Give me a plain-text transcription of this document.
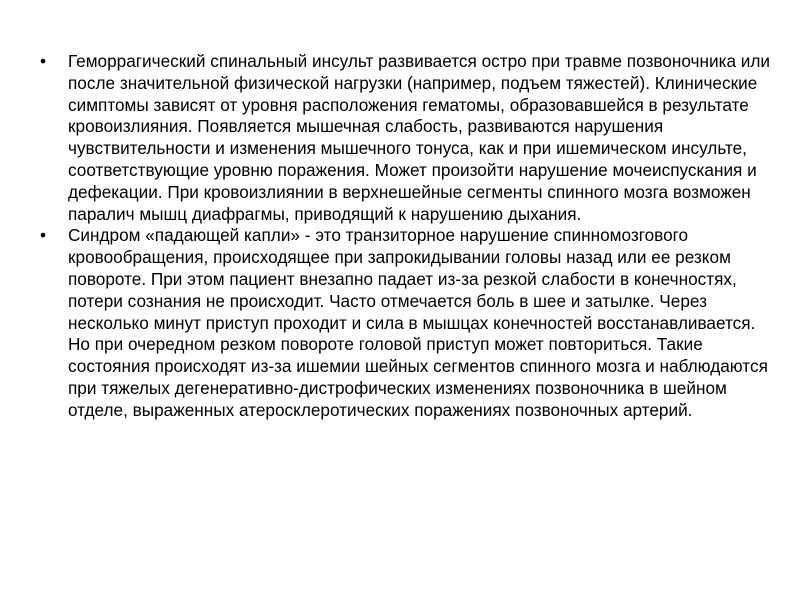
• Геморрагический спинальный инсульт развивается остро при травме позвоночника или после значительной физической нагрузки (например, подъем тяжестей). Клинические симптомы зависят от уровня расположения гематомы, образовавшейся в результате кровоизлияния. Появляется мышечная слабость, развиваются нарушения чувствительности и изменения мышечного тонуса, как и при ишемическом инсульте, соответствующие уровню поражения. Может произойти нарушение мочеиспускания и дефекации. При кровоизлиянии в верхнешейные сегменты спинного мозга возможен паралич мышц диафрагмы, приводящий к нарушению дыхания.
• Синдром «падающей капли» - это транзиторное нарушение спинномозгового кровообращения, происходящее при запрокидывании головы назад или ее резком повороте. При этом пациент внезапно падает из-за резкой слабости в конечностях, потери сознания не происходит. Часто отмечается боль в шее и затылке. Через несколько минут приступ проходит и сила в мышцах конечностей восстанавливается. Но при очередном резком повороте головой приступ может повториться. Такие состояния происходят из-за ишемии шейных сегментов спинного мозга и наблюдаются при тяжелых дегенеративно-дистрофических изменениях позвоночника в шейном отделе, выраженных атеросклеротических поражениях позвоночных артерий.
